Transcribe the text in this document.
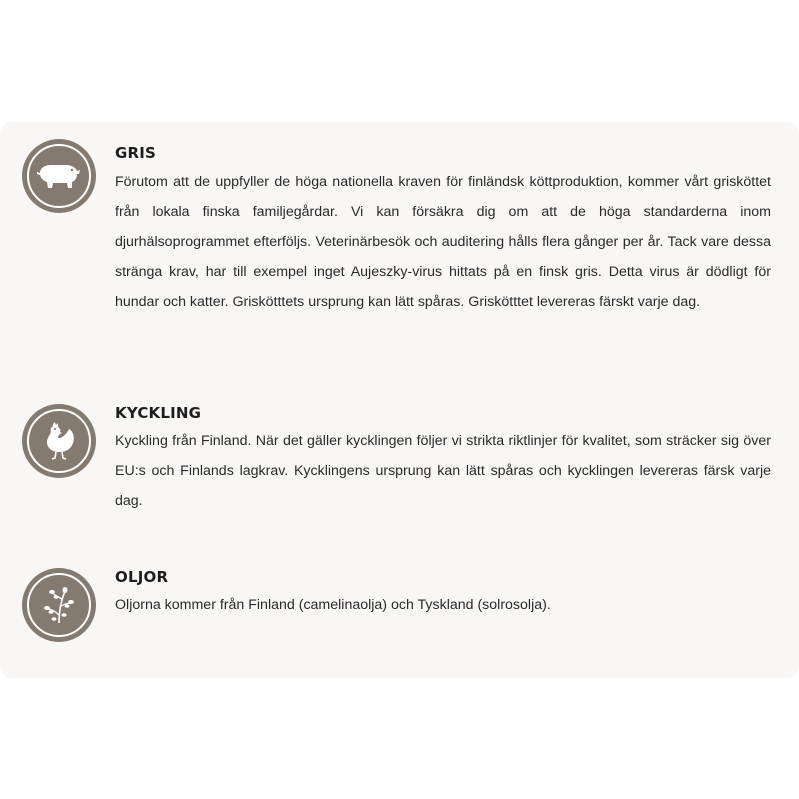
GRIS

Förutom att de uppfyller de höga nationella kraven för finländsk köttproduktion, kommer vårt grisköttet från lokala finska familjegårdar. Vi kan försäkra dig om att de höga standarderna inom djurhälsoprogrammet efterföljs. Veterinärbesök och auditering hålls flera gånger per år. Tack vare dessa stränga krav, har till exempel inget Aujeszky-virus hittats på en finsk gris. Detta virus är dödligt för hundar och katter. Griskötttets ursprung kan lätt spåras. Griskötttet levereras färskt varje dag.

KYCKLING

Kyckling från Finland. När det gäller kycklingen följer vi strikta riktlinjer för kvalitet, som sträcker sig över EU:s och Finlands lagkrav. Kycklingens ursprung kan lätt spåras och kycklingen levereras färsk varje dag.

OLJOR

Oljorna kommer från Finland (camelinaolja) och Tyskland (solrosolja).
